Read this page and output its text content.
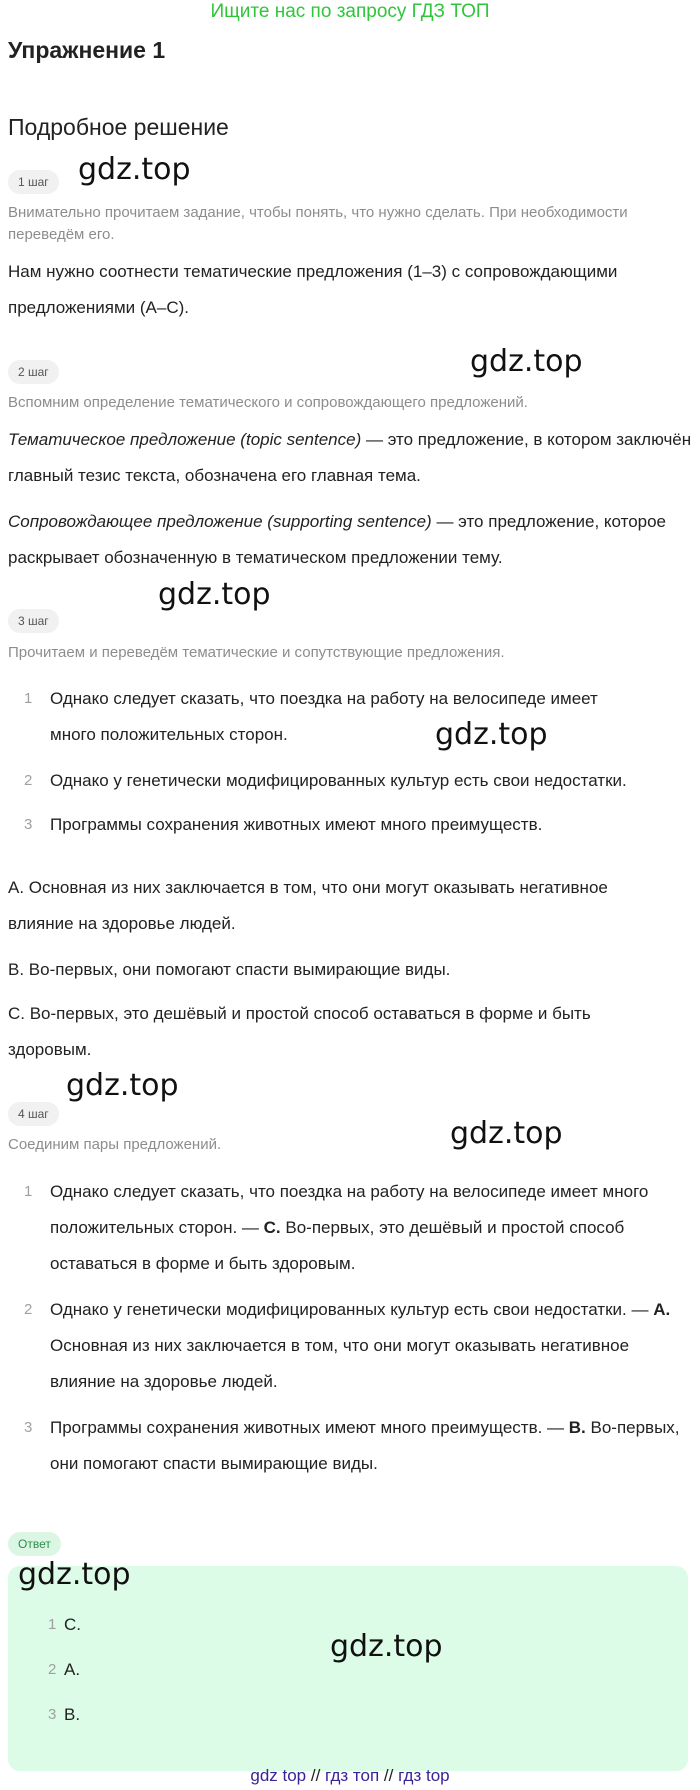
Ищите нас по запросу ГДЗ ТОП
Упражнение 1
Подробное решение
1 шаг gdz.top
Внимательно прочитаем задание, чтобы понять, что нужно сделать. При необходимости переведём его.
Нам нужно соотнести тематические предложения (1–3) с сопровождающими предложениями (A–C).
2 шаг	gdz.top
Вспомним определение тематического и сопровождающего предложений.
Тематическое предложение (topic sentence) — это предложение, в котором заключён главный тезис текста, обозначена его главная тема.
Сопровождающее предложение (supporting sentence) — это предложение, которое раскрывает обозначенную в тематическом предложении тему.
gdz.top
3 шаг
Прочитаем и переведём тематические и сопутствующие предложения.
1	Однако следует сказать, что поездка на работу на велосипеде имеет много положительных сторон.
2	Однако у генетически модифицированных культур есть свои недостатки.
3	Программы сохранения животных имеют много преимуществ.
gdz.top
A. Основная из них заключается в том, что они могут оказывать негативное влияние на здоровье людей.
B. Во-первых, они помогают спасти вымирающие виды.
C. Во-первых, это дешёвый и простой способ оставаться в форме и быть здоровым.
gdz.top
4 шаг
gdz.top
Соединим пары предложений.
1	Однако следует сказать, что поездка на работу на велосипеде имеет много положительных сторон. — C. Во-первых, это дешёвый и простой способ оставаться в форме и быть здоровым.
2	Однако у генетически модифицированных культур есть свои недостатки. — A. Основная из них заключается в том, что они могут оказывать негативное влияние на здоровье людей.
3	Программы сохранения животных имеют много преимуществ. — B. Во-первых, они помогают спасти вымирающие виды.
Ответ
gdz.top
gdz.top
1 C.
2 A.
3 B.
gdz top // гдз топ // гдз top
